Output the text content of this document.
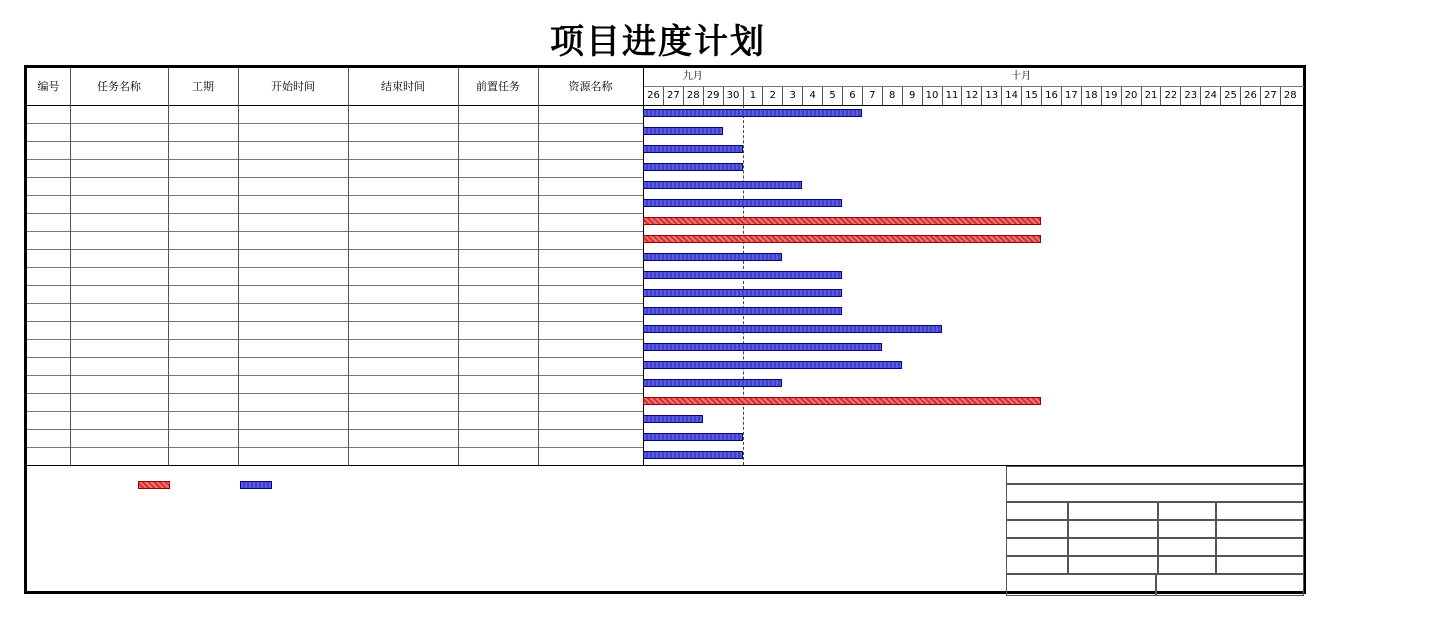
项目进度计划
编号	任务名称	工期	开始时间	结束时间	前置任务	资源名称
九月
26 27 28 29 30
十月
1	2	3	4	5	6	7	8	9	10 11 12 13 14 15 16 17 18 19 20 21 22 23 24 25 26 27 28
